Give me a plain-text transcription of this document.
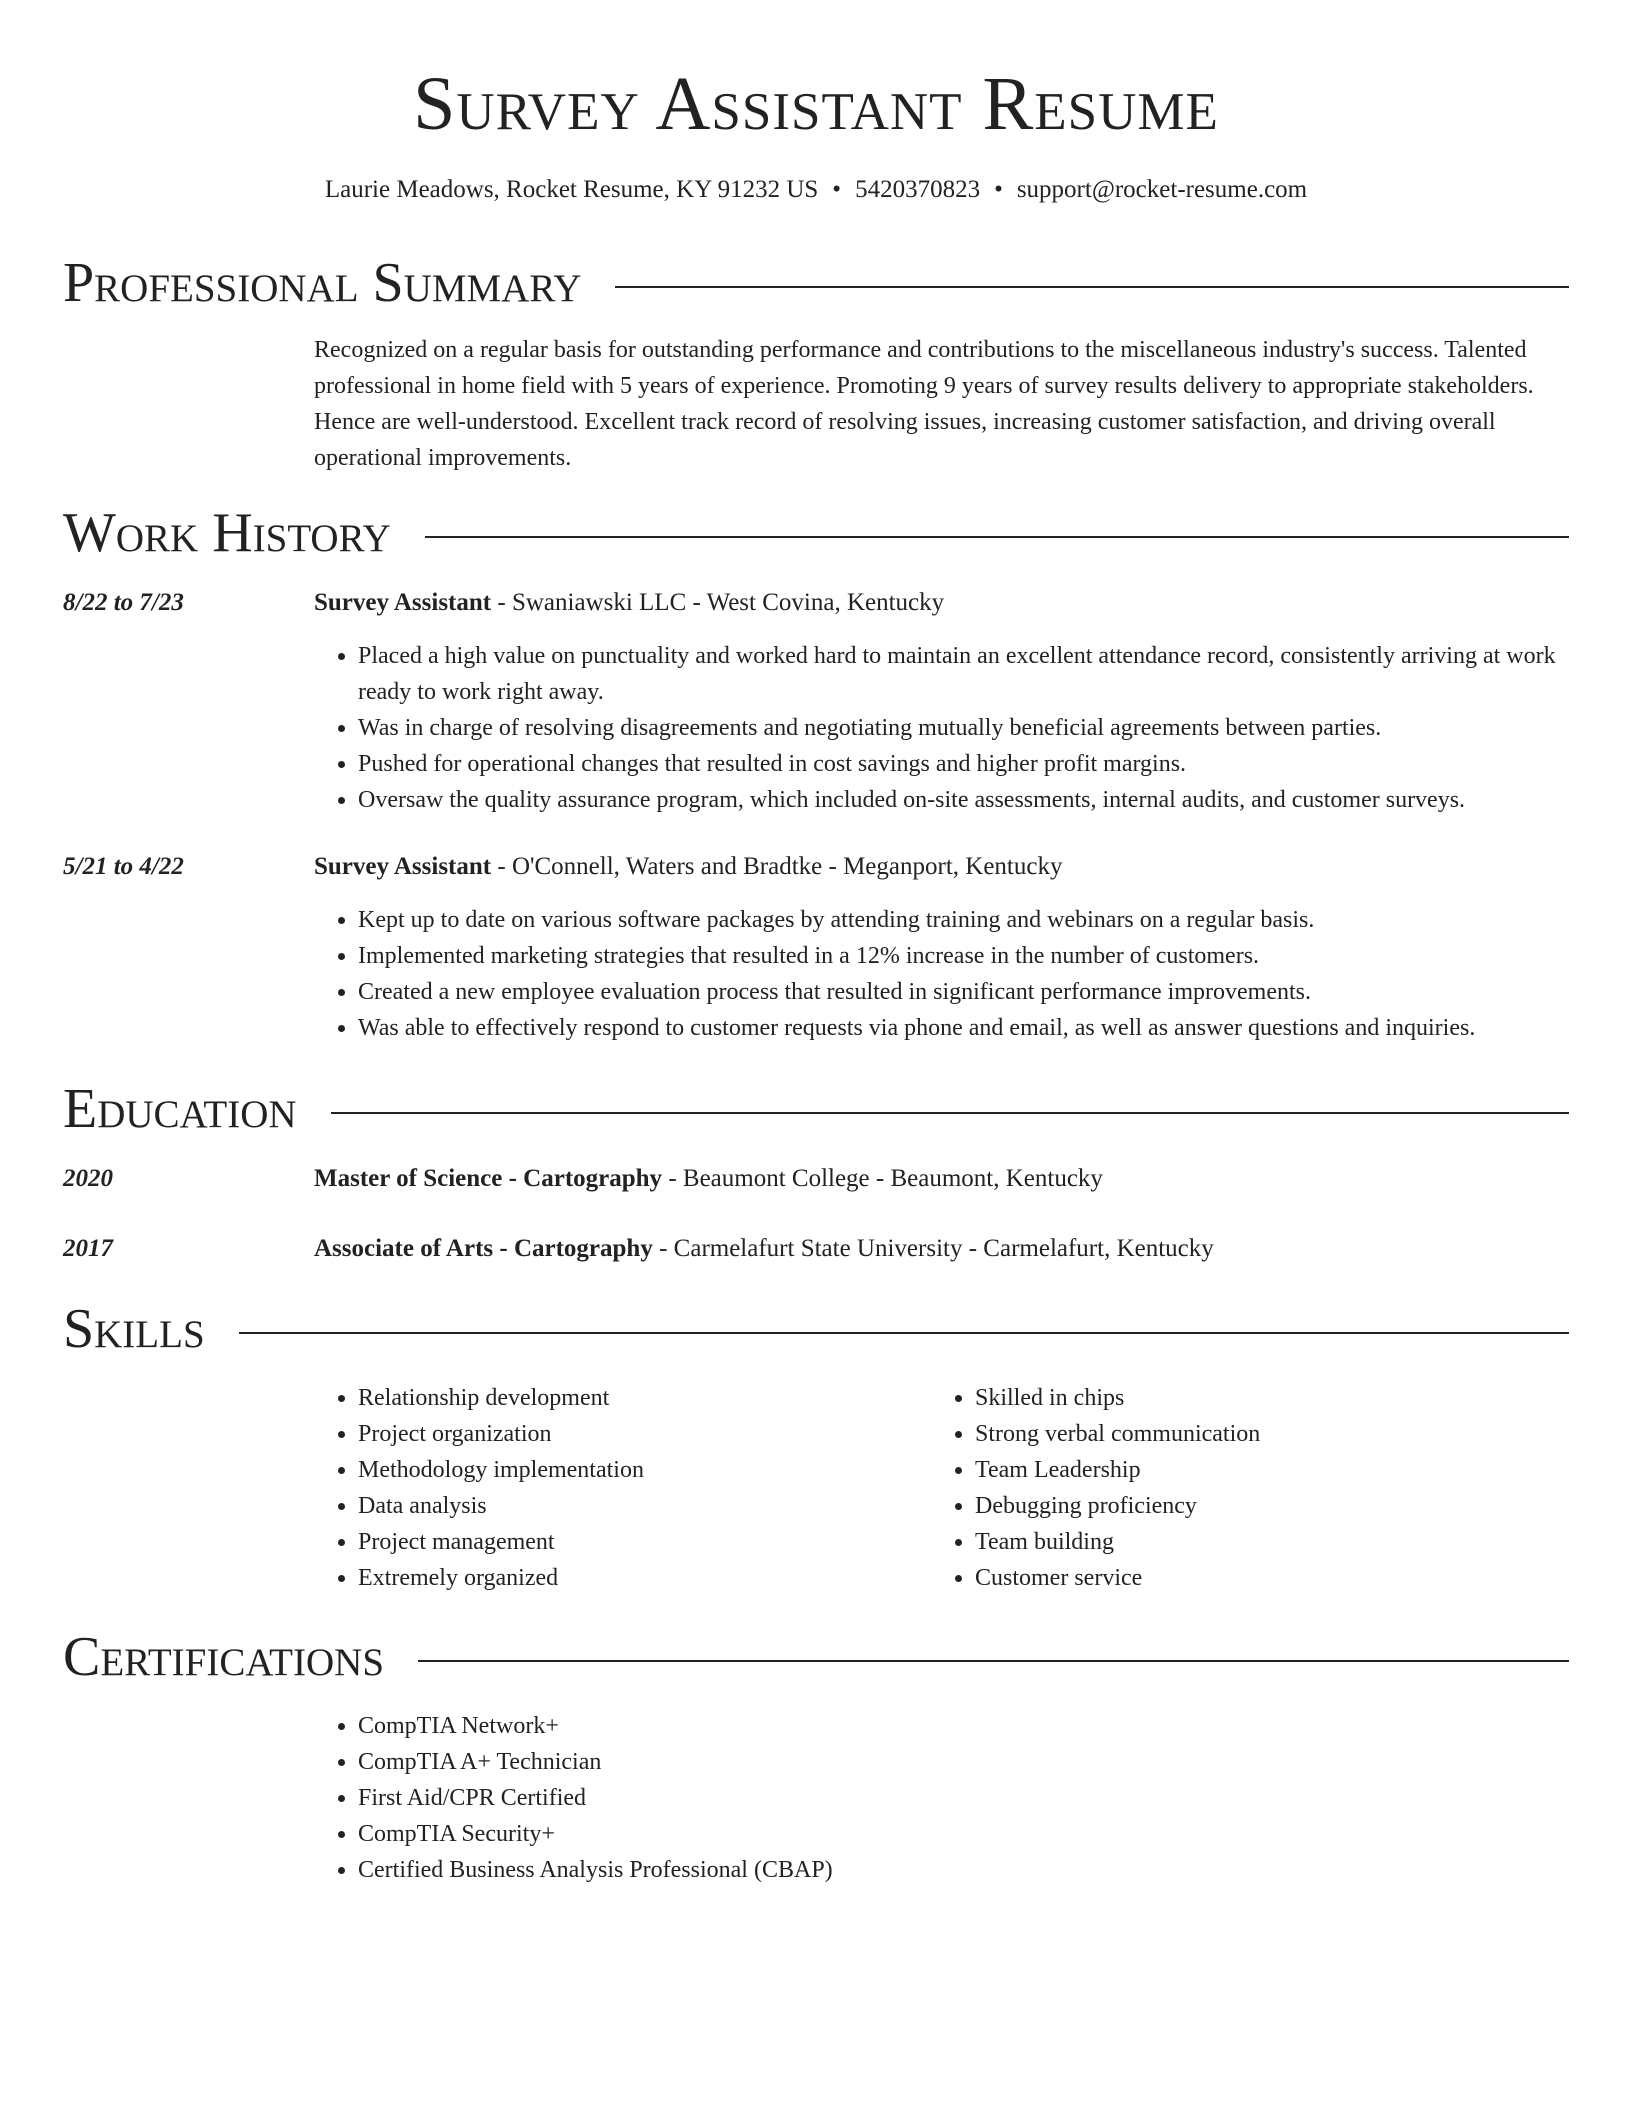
Survey Assistant Resume
Laurie Meadows, Rocket Resume, KY 91232 US • 5420370823 • support@rocket-resume.com
Professional Summary
Recognized on a regular basis for outstanding performance and contributions to the miscellaneous industry's success. Talented professional in home field with 5 years of experience. Promoting 9 years of survey results delivery to appropriate stakeholders. Hence are well-understood. Excellent track record of resolving issues, increasing customer satisfaction, and driving overall operational improvements.
Work History
8/22 to 7/23	Survey Assistant - Swaniawski LLC - West Covina, Kentucky
• Placed a high value on punctuality and worked hard to maintain an excellent attendance record, consistently arriving at work ready to work right away.
• Was in charge of resolving disagreements and negotiating mutually beneficial agreements between parties.
• Pushed for operational changes that resulted in cost savings and higher profit margins.
• Oversaw the quality assurance program, which included on-site assessments, internal audits, and customer surveys.
5/21 to 4/22	Survey Assistant - O'Connell, Waters and Bradtke - Meganport, Kentucky
• Kept up to date on various software packages by attending training and webinars on a regular basis.
• Implemented marketing strategies that resulted in a 12% increase in the number of customers.
• Created a new employee evaluation process that resulted in significant performance improvements.
• Was able to effectively respond to customer requests via phone and email, as well as answer questions and inquiries.
Education
2020	Master of Science - Cartography - Beaumont College - Beaumont, Kentucky
2017	Associate of Arts - Cartography - Carmelafurt State University - Carmelafurt, Kentucky
Skills
• Relationship development
• Project organization
• Methodology implementation
• Data analysis
• Project management
• Extremely organized
• Skilled in chips
• Strong verbal communication
• Team Leadership
• Debugging proficiency
• Team building
• Customer service
Certifications
• CompTIA Network+
• CompTIA A+ Technician
• First Aid/CPR Certified
• CompTIA Security+
• Certified Business Analysis Professional (CBAP)
